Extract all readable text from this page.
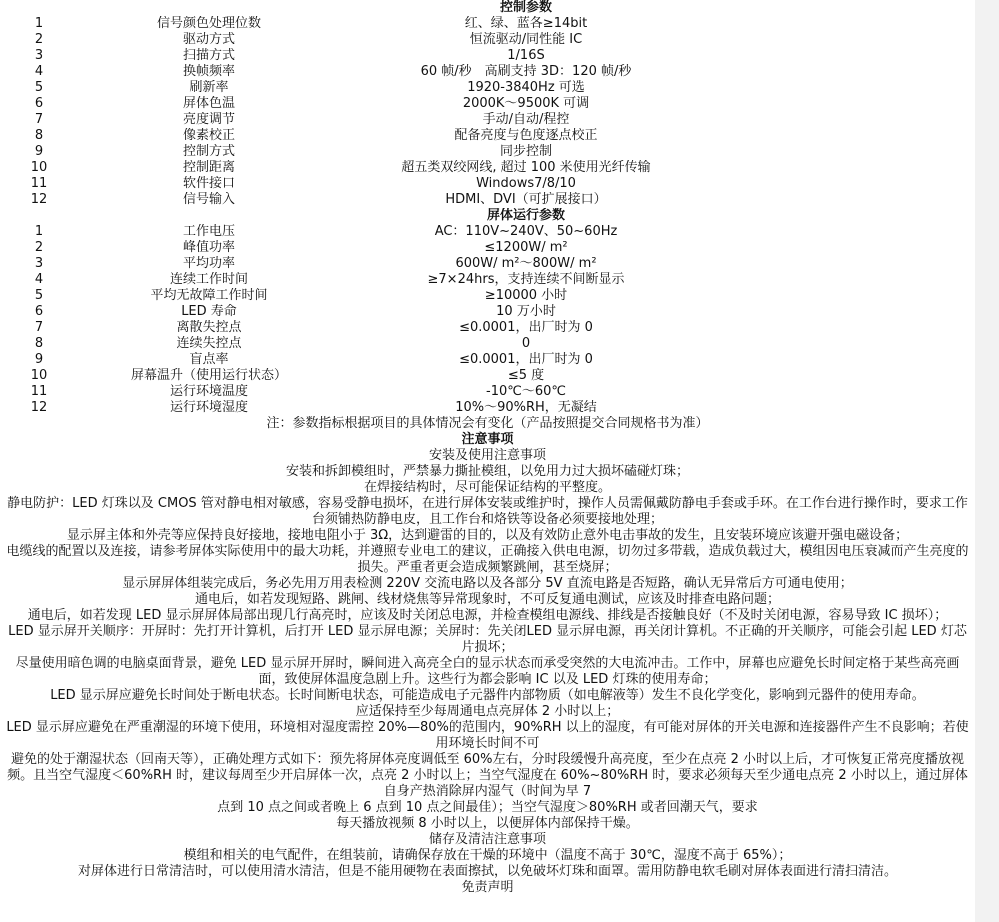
		控制参数	
1	信号颜色处理位数	红、绿、蓝各≥14bit	
2	驱动方式	恒流驱动/同性能 IC	
3	扫描方式	1/16S	
4	换帧频率	60 帧/秒　高刷支持 3D：120 帧/秒	
5	刷新率	1920-3840Hz 可选	
6	屏体色温	2000K～9500K 可调	
7	亮度调节	手动/自动/程控	
8	像素校正	配备亮度与色度逐点校正	
9	控制方式	同步控制	
10	控制距离	超五类双绞网线, 超过 100 米使用光纤传输	
11	软件接口	Windows7/8/10	
12	信号输入	HDMI、DVI（可扩展接口）	
		屏体运行参数	
1	工作电压	AC：110V~240V、50~60Hz	
2	峰值功率	≤1200W/ m²	
3	平均功率	600W/ m²～800W/ m²	
4	连续工作时间	≥7×24hrs，支持连续不间断显示	
5	平均无故障工作时间	≥10000 小时	
6	LED 寿命	10 万小时	
7	离散失控点	≤0.0001，出厂时为 0	
8	连续失控点	0	
9	盲点率	≤0.0001，出厂时为 0	
10	屏幕温升（使用运行状态）	≤5 度	
11	运行环境温度	-10℃～60℃	
12	运行环境湿度	10%～90%RH，无凝结	
注：参数指标根据项目的具体情况会有变化（产品按照提交合同规格书为准）			

注意事项

安装及使用注意事项

安装和拆卸模组时，严禁暴力撕扯模组，以免用力过大损坏磕碰灯珠；

在焊接结构时，尽可能保证结构的平整度。

静电防护：LED 灯珠以及 CMOS 管对静电相对敏感，容易受静电损坏，在进行屏体安装或维护时，操作人员需佩戴防静电手套或手环。在工作台进行操作时，要求工作台须铺热防静电皮，且工作台和烙铁等设备必须要接地处理；

显示屏主体和外壳等应保持良好接地，接地电阻小于 3Ω，达到避雷的目的，以及有效防止意外电击事故的发生，且安装环境应该避开强电磁设备；

电缆线的配置以及连接，请参考屏体实际使用中的最大功耗，并遵照专业电工的建议，正确接入供电电源，切勿过多带载，造成负载过大，模组因电压衰减而产生亮度的损失。严重者更会造成频繁跳闸，甚至烧屏；

显示屏屏体组装完成后，务必先用万用表检测 220V 交流电路以及各部分 5V 直流电路是否短路，确认无异常后方可通电使用；

通电后，如若发现短路、跳闸、线材烧焦等异常现象时，不可反复通电测试，应该及时排查电路问题；

通电后，如若发现 LED 显示屏屏体局部出现几行高亮时，应该及时关闭总电源，并检查模组电源线、排线是否接触良好（不及时关闭电源，容易导致 IC 损坏）；

LED 显示屏开关顺序：开屏时：先打开计算机，后打开 LED 显示屏电源；关屏时：先关闭LED 显示屏电源，再关闭计算机。不正确的开关顺序，可能会引起 LED 灯芯片损坏；

尽量使用暗色调的电脑桌面背景，避免 LED 显示屏开屏时，瞬间进入高亮全白的显示状态而承受突然的大电流冲击。工作中，屏幕也应避免长时间定格于某些高亮画面，致使屏体温度急剧上升。这些行为都会影响 IC 以及 LED 灯珠的使用寿命；

LED 显示屏应避免长时间处于断电状态。长时间断电状态，可能造成电子元器件内部物质（如电解液等）发生不良化学变化，影响到元器件的使用寿命。

应适保持至少每周通电点亮屏体 2 小时以上；

LED 显示屏应避免在严重潮湿的环境下使用，环境相对湿度需控 20%—80%的范围内，90%RH 以上的湿度，有可能对屏体的开关电源和连接器件产生不良影响；若使用环境长时间不可

避免的处于潮湿状态（回南天等），正确处理方式如下：预先将屏体亮度调低至 60%左右，分时段缓慢升高亮度，至少在点亮 2 小时以上后，才可恢复正常亮度播放视频。且当空气湿度＜60%RH 时，建议每周至少开启屏体一次，点亮 2 小时以上；当空气湿度在 60%~80%RH 时，要求必须每天至少通电点亮 2 小时以上，通过屏体自身产热消除屏内湿气（时间为早 7

点到 10 点之间或者晚上 6 点到 10 点之间最佳）；当空气湿度＞80%RH 或者回潮天气，要求

每天播放视频 8 小时以上，以便屏体内部保持干燥。

储存及清洁注意事项

模组和相关的电气配件，在组装前，请确保存放在干燥的环境中（温度不高于 30℃，湿度不高于 65%）；

对屏体进行日常清洁时，可以使用清水清洁，但是不能用硬物在表面擦拭，以免破坏灯珠和面罩。需用防静电软毛刷对屏体表面进行清扫清洁。

免责声明
